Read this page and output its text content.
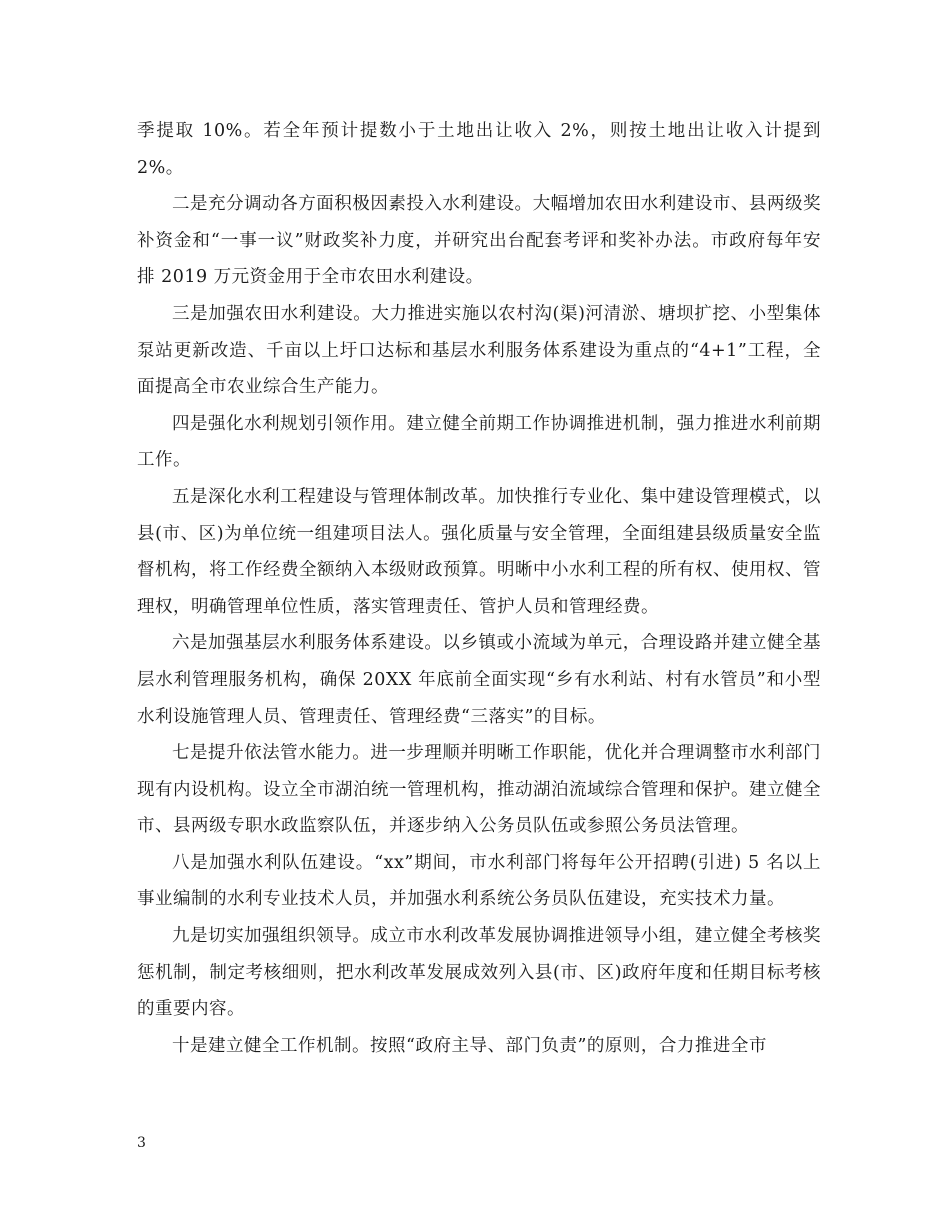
季提取 10%。若全年预计提数小于土地出让收入 2%，则按土地出让收入计提到 2%。

二是充分调动各方面积极因素投入水利建设。大幅增加农田水利建设市、县两级奖补资金和“一事一议”财政奖补力度，并研究出台配套考评和奖补办法。市政府每年安排 2019 万元资金用于全市农田水利建设。

三是加强农田水利建设。大力推进实施以农村沟(渠)河清淤、塘坝扩挖、小型集体泵站更新改造、千亩以上圩口达标和基层水利服务体系建设为重点的“4+1”工程，全面提高全市农业综合生产能力。

四是强化水利规划引领作用。建立健全前期工作协调推进机制，强力推进水利前期工作。

五是深化水利工程建设与管理体制改革。加快推行专业化、集中建设管理模式，以县(市、区)为单位统一组建项目法人。强化质量与安全管理，全面组建县级质量安全监督机构，将工作经费全额纳入本级财政预算。明晰中小水利工程的所有权、使用权、管理权，明确管理单位性质，落实管理责任、管护人员和管理经费。

六是加强基层水利服务体系建设。以乡镇或小流域为单元，合理设路并建立健全基层水利管理服务机构，确保 20XX 年底前全面实现“乡有水利站、村有水管员”和小型水利设施管理人员、管理责任、管理经费“三落实”的目标。

七是提升依法管水能力。进一步理顺并明晰工作职能，优化并合理调整市水利部门现有内设机构。设立全市湖泊统一管理机构，推动湖泊流域综合管理和保护。建立健全市、县两级专职水政监察队伍，并逐步纳入公务员队伍或参照公务员法管理。

八是加强水利队伍建设。“xx”期间，市水利部门将每年公开招聘(引进) 5 名以上事业编制的水利专业技术人员，并加强水利系统公务员队伍建设，充实技术力量。

九是切实加强组织领导。成立市水利改革发展协调推进领导小组，建立健全考核奖惩机制，制定考核细则，把水利改革发展成效列入县(市、区)政府年度和任期目标考核的重要内容。

十是建立健全工作机制。按照“政府主导、部门负责”的原则，合力推进全市

3
